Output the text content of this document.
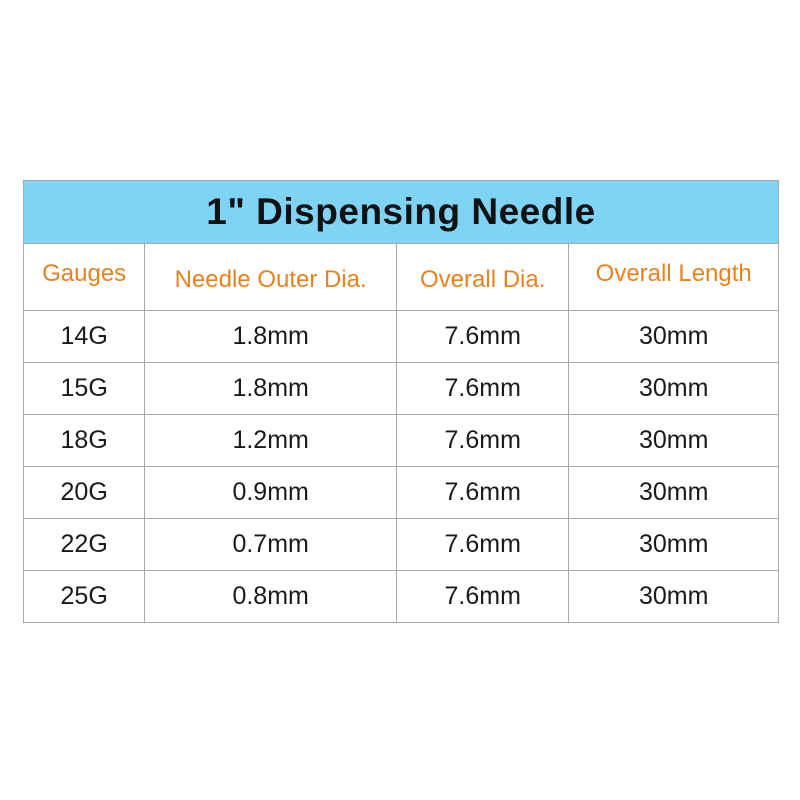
1" Dispensing Needle			
Gauges	Needle Outer Dia.	Overall Dia.	Overall Length
14G	1.8mm	7.6mm	30mm
15G	1.8mm	7.6mm	30mm
18G	1.2mm	7.6mm	30mm
20G	0.9mm	7.6mm	30mm
22G	0.7mm	7.6mm	30mm
25G	0.8mm	7.6mm	30mm
